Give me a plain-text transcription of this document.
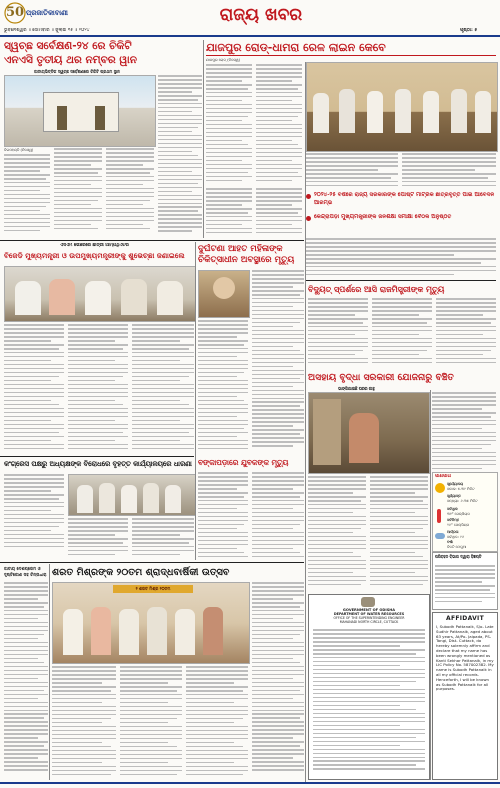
50 ପ୍ରଜାତିକାବାଣୀ	ରାଜ୍ୟ ଖବର
ଭୁବନେଶ୍ୱର ॥ ସୋମବାର ॥ ଜୁଲାଇ ୧୫ ॥ ୨୦୨୪	ପୃଷ୍ଠା: ୫
ସ୍ୱଚ୍ଛ ସର୍ବେକ୍ଷଣ-୨୪ ରେ ଚିକିଟି
ଏନଏସି ତୃତୀୟ ଥର ନମ୍ବର ୱାନ
ଜାତୀୟଭିତ୍ତିକ ସ୍ୱଚ୍ଛ ସର୍ବେକ୍ଷଣରେ ଚିକିଟି ପ୍ରଥମ ସ୍ଥାନ
ଦିଗପହଣ୍ଡି (ନିଜସ୍ୱ)
ଯାଜପୁର ରୋଡ୍-ଧାମରା ରେଳ ଲାଇନ କେବେ
ଯାଜପୁର ରୋଡ୍ (ନିଜସ୍ୱ)
୨୦୨୪-୨୫ ବର୍ଷରେ ରାଜ୍ୟ ସରକାରଙ୍କ ପୋଷ୍ଟ ମାଟ୍ରିକ ଛାତ୍ରବୃତ୍ତି ପାଇଁ ଆବେଦନ ଆରମ୍ଭ
କେନ୍ଦ୍ରାପଡ଼ା ମୁଖ୍ୟମନ୍ତ୍ରୀଙ୍କ ଜନଶିକ୍ଷା ସମୀକ୍ଷା ବୈଠକ ଅନୁଷ୍ଠିତ
ଏସଏମ ଭେଞ୍ଚରରେ ଛାତ୍ରୀ ଆମ୍ପିଥିଏଟର
ବିଜେଡି ମୁଖ୍ୟମନ୍ତ୍ରୀ ଓ ଉପମୁଖ୍ୟମନ୍ତ୍ରୀଙ୍କୁ ଶୁଭେଚ୍ଛା ଜଣାଇଲେ
ଦୁର୍ଘଟଣା ଆହତ ମହିଳାଙ୍କ ଚିକିତ୍ସାଧୀନ ଅବସ୍ଥାରେ ମୃତ୍ୟୁ
ବିଦ୍ୟୁତ୍ ସ୍ପର୍ଶରେ ଆସି ରାଜମିସ୍ତ୍ରୀଙ୍କ ମୃତ୍ୟୁ
ଅସହାୟ ବୃଦ୍ଧା ସରକାରୀ ଯୋଜନାରୁ ବଞ୍ଚିତ
ଭାଙ୍ଗିଯାଇଛି ଘରର କାନ୍ଥ
ପାଣିପାଗ
ସୂର୍ଯ୍ୟୋଦୟ
ସକାଳ: ୫.୩୯ ମିନିଟ
ସୂର୍ଯ୍ୟାସ୍ତ
ସନ୍ଧ୍ୟା: ୬.୩୫ ମିନିଟ
ସର୍ବାଧିକ
୩୧° ସେଲ୍ସିୟସ
ସର୍ବନିମ୍ନ
୨୬° ସେଲ୍ସିୟସ
ଆର୍ଦ୍ରତା
ସର୍ବାଧିକ: ୯୬
ବର୍ଷା
ଦିନଟି ମେଘୁଆ
ବଙ୍କାପଡ଼ାରେ ଯୁବକଙ୍କ ମୃତ୍ୟୁ
କଂଗ୍ରେସ ପକ୍ଷରୁ ଅଧ୍ୟକ୍ଷଙ୍କ ବିରୋଧରେ ବୃହତ୍ତ କାର୍ଯ୍ୟାଳୟରେ ଧାରଣା
ପରିବହନ ବିଭାଗ ଦ୍ୱାରା ବିଜ୍ଞପ୍ତି
GOVERNMENT OF ODISHA
DEPARTMENT OF WATER RESOURCES
OFFICE OF THE SUPERINTENDING ENGINEER
MAHANADI NORTH CIRCLE, CUTTACK	AFFIDAVIT
I, Subodh Pattanaik, S/o- Late Sudhir Pattanaik, aged about 63 years, At/Po- Jaipada, PS- Tangi, Dist- Cuttack, do hereby solemnly affirm and declare that my name has been wrongly mentioned as Kanti Sekhar Pattanaik, in my LIC Policy No. 587002382. My name is Subodh Pattanaik in all my official records. Henceforth, I will be known as Subodh Pattanaik for all purposes.
ଜାତୀୟ ଦେଶପ୍ରେମ ଓ
ଦୃଷ୍ଟିକୋଣ ସହ ଚିନ୍ତାଧାରା ଶରତ ମିଶ୍ରଙ୍କ ୨୦ତମ ଶ୍ରାଦ୍ଧବାର୍ଷିକୀ ଉତ୍ସବ
୨ ଶରତ ମିଶ୍ର ୨୦ତମ
